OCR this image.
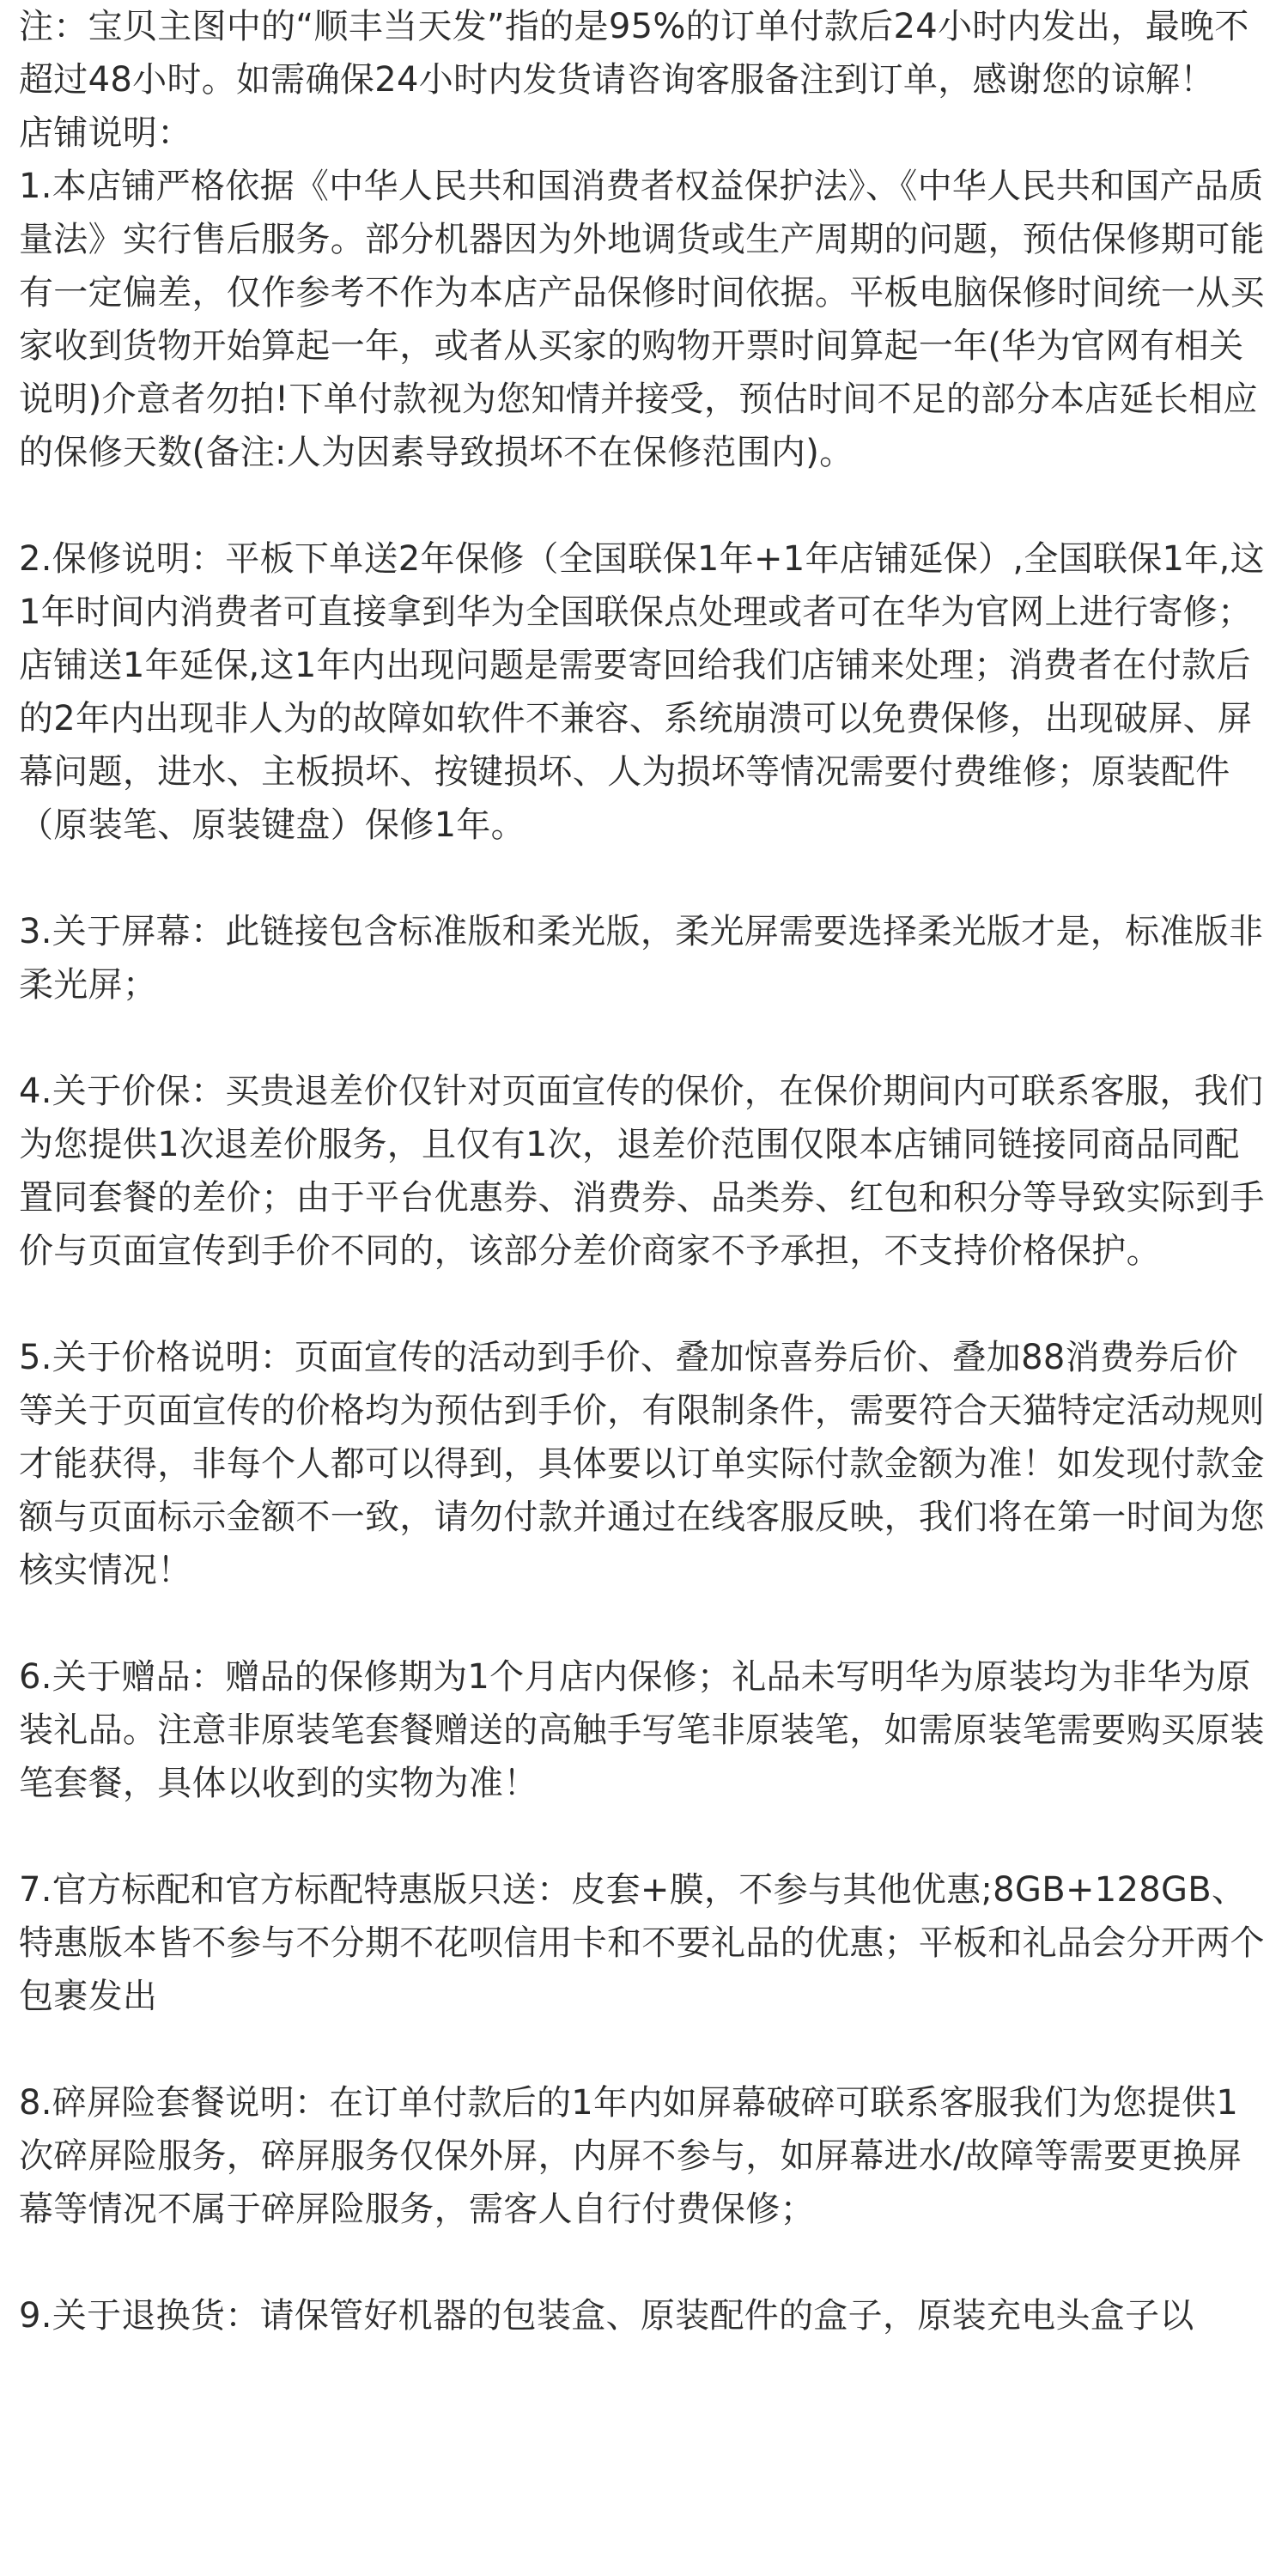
注：宝贝主图中的“顺丰当天发”指的是95%的订单付款后24小时内发出，最晚不超过48小时。如需确保24小时内发货请咨询客服备注到订单，感谢您的谅解！

店铺说明：

1.本店铺严格依据《中华人民共和国消费者权益保护法》、《中华人民共和国产品质量法》实行售后服务。部分机器因为外地调货或生产周期的问题，预估保修期可能有一定偏差，仅作参考不作为本店产品保修时间依据。平板电脑保修时间统一从买家收到货物开始算起一年，或者从买家的购物开票时间算起一年(华为官网有相关说明)介意者勿拍!下单付款视为您知情并接受，预估时间不足的部分本店延长相应的保修天数(备注:人为因素导致损坏不在保修范围内)。

2.保修说明：平板下单送2年保修（全国联保1年+1年店铺延保）,全国联保1年,这1年时间内消费者可直接拿到华为全国联保点处理或者可在华为官网上进行寄修；店铺送1年延保,这1年内出现问题是需要寄回给我们店铺来处理；消费者在付款后的2年内出现非人为的故障如软件不兼容、系统崩溃可以免费保修，出现破屏、屏幕问题，进水、主板损坏、按键损坏、人为损坏等情况需要付费维修；原装配件（原装笔、原装键盘）保修1年。

3.关于屏幕：此链接包含标准版和柔光版，柔光屏需要选择柔光版才是，标准版非柔光屏；

4.关于价保：买贵退差价仅针对页面宣传的保价，在保价期间内可联系客服，我们为您提供1次退差价服务，且仅有1次，退差价范围仅限本店铺同链接同商品同配置同套餐的差价；由于平台优惠券、消费券、品类券、红包和积分等导致实际到手价与页面宣传到手价不同的，该部分差价商家不予承担，不支持价格保护。

5.关于价格说明：页面宣传的活动到手价、叠加惊喜券后价、叠加88消费券后价等关于页面宣传的价格均为预估到手价，有限制条件，需要符合天猫特定活动规则才能获得，非每个人都可以得到，具体要以订单实际付款金额为准！如发现付款金额与页面标示金额不一致，请勿付款并通过在线客服反映，我们将在第一时间为您核实情况！

6.关于赠品：赠品的保修期为1个月店内保修；礼品未写明华为原装均为非华为原装礼品。注意非原装笔套餐赠送的高触手写笔非原装笔，如需原装笔需要购买原装笔套餐，具体以收到的实物为准！

7.官方标配和官方标配特惠版只送：皮套+膜，不参与其他优惠;8GB+128GB、特惠版本皆不参与不分期不花呗信用卡和不要礼品的优惠；平板和礼品会分开两个包裹发出

8.碎屏险套餐说明：在订单付款后的1年内如屏幕破碎可联系客服我们为您提供1次碎屏险服务，碎屏服务仅保外屏，内屏不参与，如屏幕进水/故障等需要更换屏幕等情况不属于碎屏险服务，需客人自行付费保修；

9.关于退换货：请保管好机器的包装盒、原装配件的盒子，原装充电头盒子以
